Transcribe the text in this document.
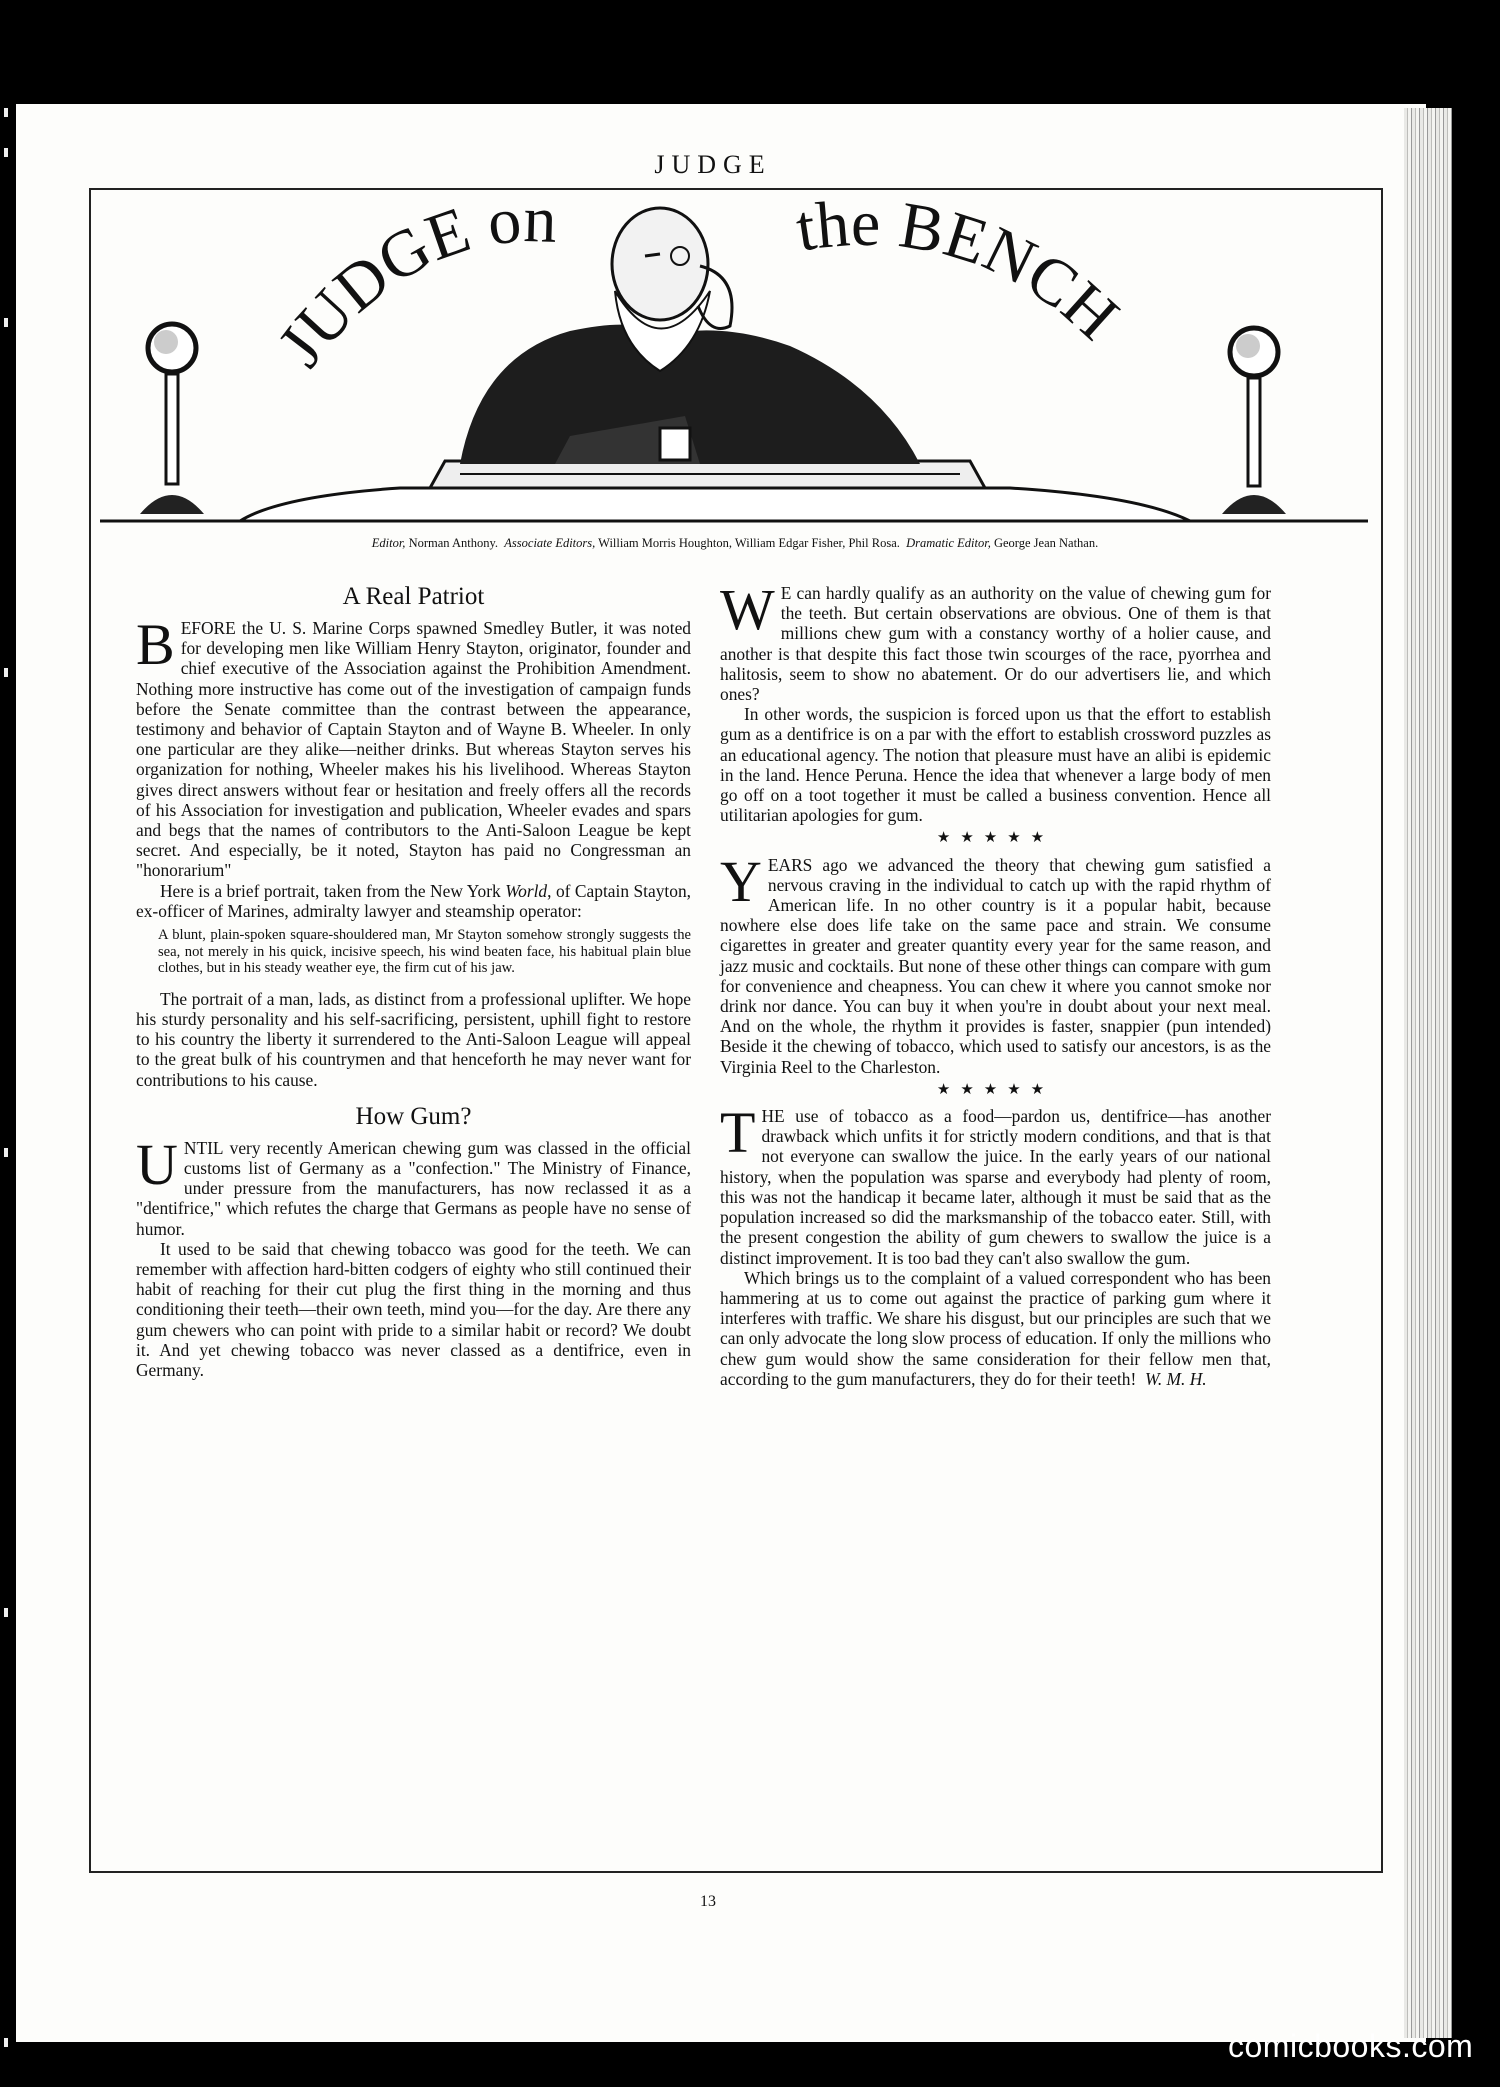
JUDGE
JUDGE on	the BENCH
Editor, Norman Anthony. Associate Editors, William Morris Houghton, William Edgar Fisher, Phil Rosa. Dramatic Editor, George Jean Nathan.
A Real Patriot

BEFORE the U. S. Marine Corps spawned Smedley Butler, it was noted for developing men like William Henry Stayton, originator, founder and chief executive of the Association against the Prohibition Amendment. Nothing more instructive has come out of the investigation of campaign funds before the Senate committee than the contrast between the appearance, testimony and behavior of Captain Stayton and of Wayne B. Wheeler. In only one particular are they alike—neither drinks. But whereas Stayton serves his organization for nothing, Wheeler makes his his livelihood. Whereas Stayton gives direct answers without fear or hesitation and freely offers all the records of his Association for investigation and publication, Wheeler evades and spars and begs that the names of contributors to the Anti-Saloon League be kept secret. And especially, be it noted, Stayton has paid no Congressman an "honorarium"

Here is a brief portrait, taken from the New York World, of Captain Stayton, ex-officer of Marines, admiralty lawyer and steamship operator:

A blunt, plain-spoken square-shouldered man, Mr Stayton somehow strongly suggests the sea, not merely in his quick, incisive speech, his wind beaten face, his habitual plain blue clothes, but in his steady weather eye, the firm cut of his jaw.

The portrait of a man, lads, as distinct from a professional uplifter. We hope his sturdy personality and his self-sacrificing, persistent, uphill fight to restore to his country the liberty it surrendered to the Anti-Saloon League will appeal to the great bulk of his countrymen and that henceforth he may never want for contributions to his cause.

How Gum?

UNTIL very recently American chewing gum was classed in the official customs list of Germany as a "confection." The Ministry of Finance, under pressure from the manufacturers, has now reclassed it as a "dentifrice," which refutes the charge that Germans as people have no sense of humor.

It used to be said that chewing tobacco was good for the teeth. We can remember with affection hard-bitten codgers of eighty who still continued their habit of reaching for their cut plug the first thing in the morning and thus conditioning their teeth—their own teeth, mind you—for the day. Are there any gum chewers who can point with pride to a similar habit or record? We doubt it. And yet chewing tobacco was never classed as a dentifrice, even in Germany.

W E can hardly qualify as an authority on the value of chewing gum for the teeth. But certain observations are obvious. One of them is that millions chew gum with a constancy worthy of a holier cause, and another is that despite this fact those twin scourges of the race, pyorrhea and halitosis, seem to show no abatement. Or do our advertisers lie, and which ones?

In other words, the suspicion is forced upon us that the effort to establish gum as a dentifrice is on a par with the effort to establish crossword puzzles as an educational agency. The notion that pleasure must have an alibi is epidemic in the land. Hence Peruna. Hence the idea that whenever a large body of men go off on a toot together it must be called a business convention. Hence all utilitarian apologies for gum.

★★★★★

YEARS ago we advanced the theory that chewing gum satisfied a nervous craving in the individual to catch up with the rapid rhythm of American life. In no other country is it a popular habit, because nowhere else does life take on the same pace and strain. We consume cigarettes in greater and greater quantity every year for the same reason, and jazz music and cocktails. But none of these other things can compare with gum for convenience and cheapness. You can chew it where you cannot smoke nor drink nor dance. You can buy it when you're in doubt about your next meal. And on the whole, the rhythm it provides is faster, snappier (pun intended) Beside it the chewing of tobacco, which used to satisfy our ancestors, is as the Virginia Reel to the Charleston.

★★★★★

THE use of tobacco as a food—pardon us, dentifrice—has another drawback which unfits it for strictly modern conditions, and that is that not everyone can swallow the juice. In the early years of our national history, when the population was sparse and everybody had plenty of room, this was not the handicap it became later, although it must be said that as the population increased so did the marksmanship of the tobacco eater. Still, with the present congestion the ability of gum chewers to swallow the juice is a distinct improvement. It is too bad they can't also swallow the gum.

Which brings us to the complaint of a valued correspondent who has been hammering at us to come out against the practice of parking gum where it interferes with traffic. We share his disgust, but our principles are such that we can only advocate the long slow process of education. If only the millions who chew gum would show the same consideration for their fellow men that, according to the gum manufacturers, they do for their teeth! W. M. H.

13
comicbooks.com
